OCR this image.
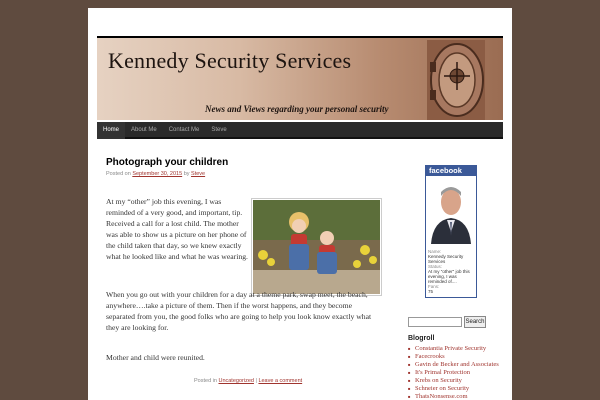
Kennedy Security Services
News and Views regarding your personal security
Home	About Me	Contact Me	Steve
Photograph your children
Posted on September 30, 2015 by Steve
At my “other” job this evening, I was reminded of a very good, and important, tip. Received a call for a lost child. The mother was able to show us a picture on her phone of the child taken that day, so we knew exactly what he looked like and what he was wearing.
When you go out with your children for a day at a theme park, swap meet, the beach, anywhere….take a picture of them. Then if the worst happens, and they become separated from you, the good folks who are going to help you look know exactly what they are looking for.
Mother and child were reunited.
Posted in Uncategorized | Leave a comment
facebook
Name:
Kennedy Security Services
Status:
At my "other" job this evening, I was reminded of....
Fans:
75
Search
Blogroll
■ Constantia Private Security
■ Facecrooks
■ Gavin de Becker and Associates
■ It's Primal Protection
■ Krebs on Security
■ Schneier on Security
■ ThatsNonsense.com
